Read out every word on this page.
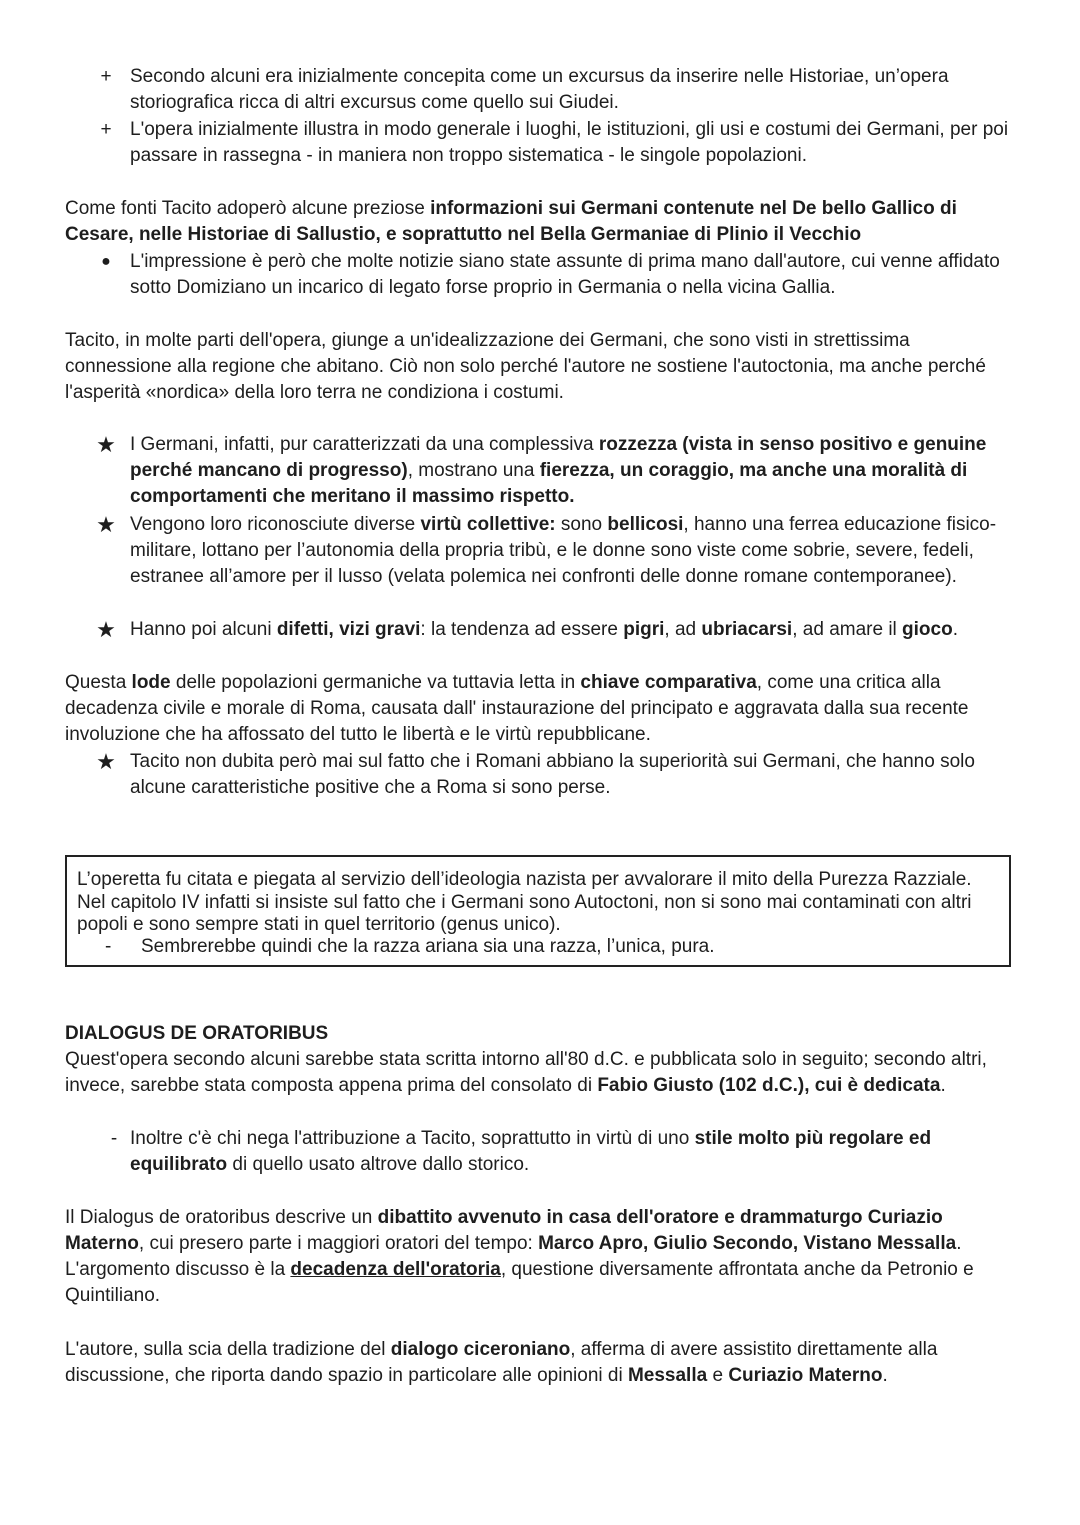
+ Secondo alcuni era inizialmente concepita come un excursus da inserire nelle Historiae, un’opera storiografica ricca di altri excursus come quello sui Giudei.

+ L'opera inizialmente illustra in modo generale i luoghi, le istituzioni, gli usi e costumi dei Germani, per poi passare in rassegna - in maniera non troppo sistematica - le singole popolazioni.

Come fonti Tacito adoperò alcune preziose informazioni sui Germani contenute nel De bello Gallico di Cesare, nelle Historiae di Sallustio, e soprattutto nel Bella Germaniae di Plinio il Vecchio

●	L'impressione è però che molte notizie siano state assunte di prima mano dall'autore, cui venne affidato sotto Domiziano un incarico di legato forse proprio in Germania o nella vicina Gallia.

Tacito, in molte parti dell'opera, giunge a un'idealizzazione dei Germani, che sono visti in strettissima connessione alla regione che abitano. Ciò non solo perché l'autore ne sostiene l'autoctonia, ma anche perché l'asperità «nordica» della loro terra ne condiziona i costumi.

★ I Germani, infatti, pur caratterizzati da una complessiva rozzezza (vista in senso positivo e genuine perché mancano di progresso), mostrano una fierezza, un coraggio, ma anche una moralità di comportamenti che meritano il massimo rispetto.

★ Vengono loro riconosciute diverse virtù collettive: sono bellicosi, hanno una ferrea educazione fisico-militare, lottano per l’autonomia della propria tribù, e le donne sono viste come sobrie, severe, fedeli, estranee all’amore per il lusso (velata polemica nei confronti delle donne romane contemporanee).

★ Hanno poi alcuni difetti, vizi gravi: la tendenza ad essere pigri, ad ubriacarsi, ad amare il gioco.

Questa lode delle popolazioni germaniche va tuttavia letta in chiave comparativa, come una critica alla decadenza civile e morale di Roma, causata dall' instaurazione del principato e aggravata dalla sua recente involuzione che ha affossato del tutto le libertà e le virtù repubblicane.

★ Tacito non dubita però mai sul fatto che i Romani abbiano la superiorità sui Germani, che hanno solo alcune caratteristiche positive che a Roma si sono perse.

L’operetta fu citata e piegata al servizio dell’ideologia nazista per avvalorare il mito della Purezza Razziale. Nel capitolo IV infatti si insiste sul fatto che i Germani sono Autoctoni, non si sono mai contaminati con altri popoli e sono sempre stati in quel territorio (genus unico).

- Sembrerebbe quindi che la razza ariana sia una razza, l’unica, pura.

DIALOGUS DE ORATORIBUS

Quest'opera secondo alcuni sarebbe stata scritta intorno all'80 d.C. e pubblicata solo in seguito; secondo altri, invece, sarebbe stata composta appena prima del consolato di Fabio Giusto (102 d.C.), cui è dedicata.

- Inoltre c'è chi nega l'attribuzione a Tacito, soprattutto in virtù di uno stile molto più regolare ed equilibrato di quello usato altrove dallo storico.

Il Dialogus de oratoribus descrive un dibattito avvenuto in casa dell'oratore e drammaturgo Curiazio Materno, cui presero parte i maggiori oratori del tempo: Marco Apro, Giulio Secondo, Vistano Messalla. L'argomento discusso è la decadenza dell'oratoria, questione diversamente affrontata anche da Petronio e Quintiliano.

L'autore, sulla scia della tradizione del dialogo ciceroniano, afferma di avere assistito direttamente alla discussione, che riporta dando spazio in particolare alle opinioni di Messalla e Curiazio Materno.
